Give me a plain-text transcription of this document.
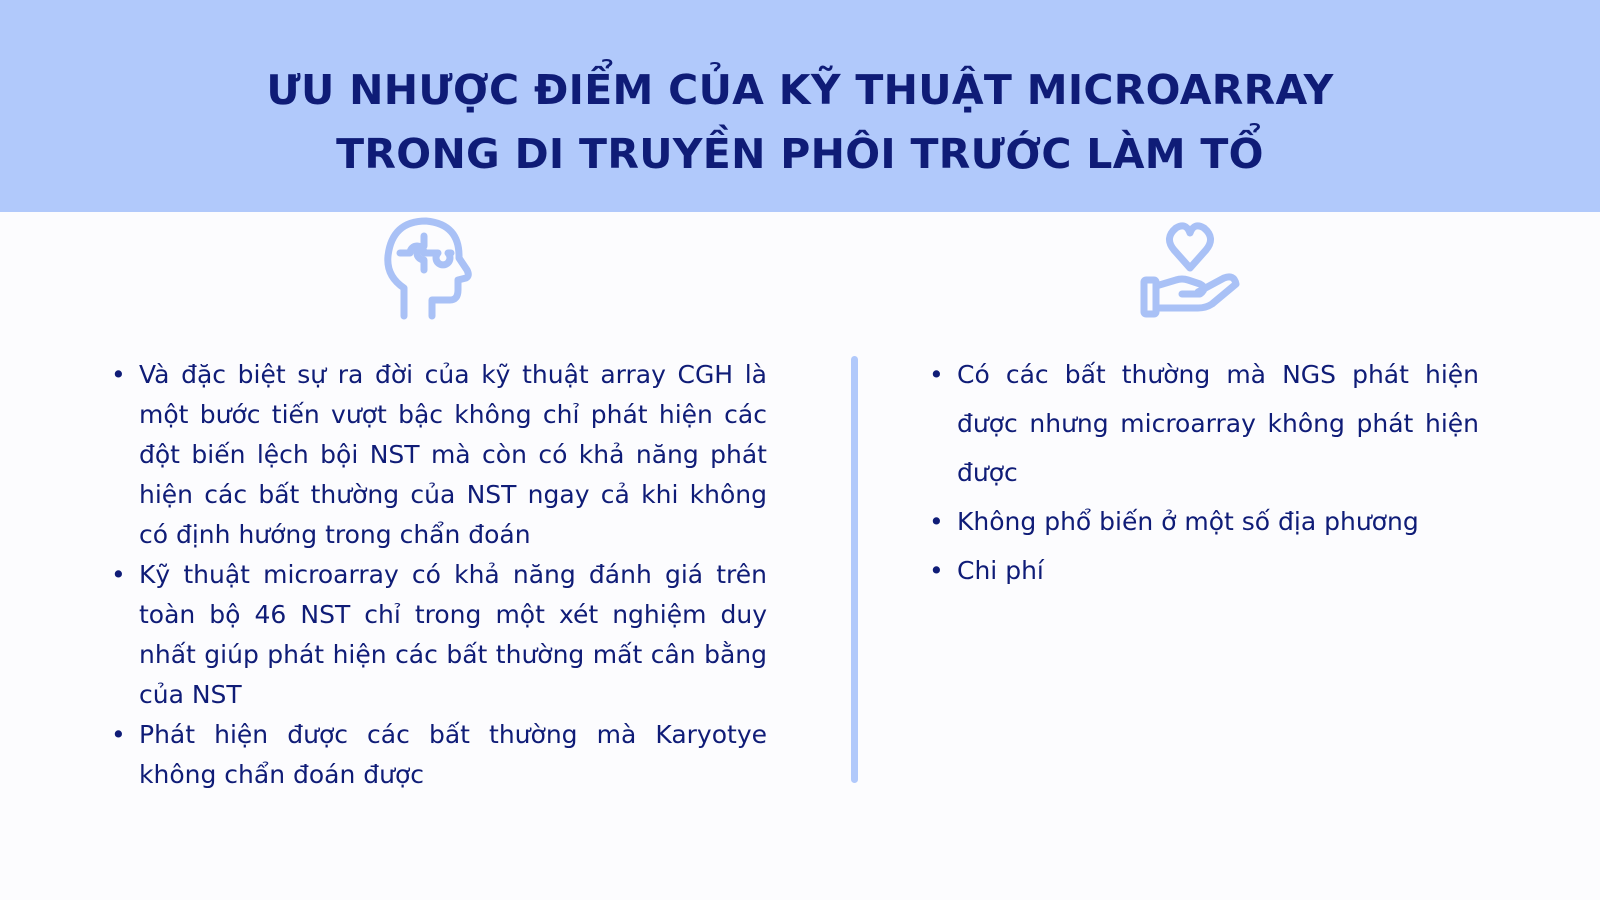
ƯU NHƯỢC ĐIỂM CỦA KỸ THUẬT MICROARRAY
TRONG DI TRUYỀN PHÔI TRƯỚC LÀM TỔ
• Và đặc biệt sự ra đời của kỹ thuật array CGH là một bước tiến vượt bậc không chỉ phát hiện các đột biến lệch bội NST mà còn có khả năng phát hiện các bất thường của NST ngay cả khi không có định hướng trong chẩn đoán
• Kỹ thuật microarray có khả năng đánh giá trên toàn bộ 46 NST chỉ trong một xét nghiệm duy nhất giúp phát hiện các bất thường mất cân bằng của NST
• Phát hiện được các bất thường mà Karyotye không chẩn đoán được
• Có các bất thường mà NGS phát hiện được nhưng microarray không phát hiện được
• Không phổ biến ở một số địa phương
• Chi phí
